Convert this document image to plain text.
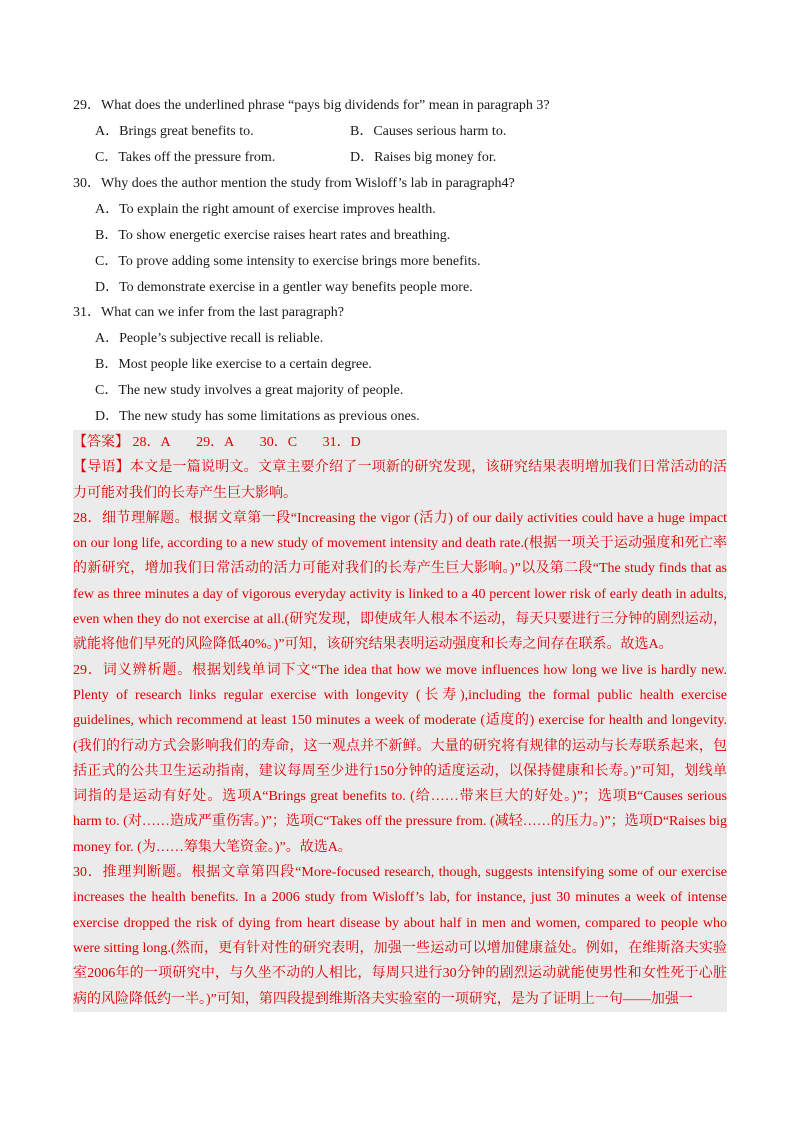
29．What does the underlined phrase “pays big dividends for” mean in paragraph 3?
A．Brings great benefits to.	B．Causes serious harm to.
C．Takes off the pressure from.	D．Raises big money for.
30．Why does the author mention the study from Wisloff’s lab in paragraph4?
A．To explain the right amount of exercise improves health.
B．To show energetic exercise raises heart rates and breathing.
C．To prove adding some intensity to exercise brings more benefits.
D．To demonstrate exercise in a gentler way benefits people more.
31．What can we infer from the last paragraph?
A．People’s subjective recall is reliable.
B．Most people like exercise to a certain degree.
C．The new study involves a great majority of people.
D．The new study has some limitations as previous ones.

【答案】 28．A 29．A 30．C 31．D

【导语】本文是一篇说明文。文章主要介绍了一项新的研究发现，该研究结果表明增加我们日常活动的活力可能对我们的长寿产生巨大影响。

28．细节理解题。根据文章第一段“Increasing the vigor (活力) of our daily activities could have a huge impact on our long life, according to a new study of movement intensity and death rate.(根据一项关于运动强度和死亡率的新研究，增加我们日常活动的活力可能对我们的长寿产生巨大影响。)”以及第二段“The study finds that as few as three minutes a day of vigorous everyday activity is linked to a 40 percent lower risk of early death in adults, even when they do not exercise at all.(研究发现，即使成年人根本不运动，每天只要进行三分钟的剧烈运动，就能将他们早死的风险降低40%。)”可知，该研究结果表明运动强度和长寿之间存在联系。故选A。

29．词义辨析题。根据划线单词下文“The idea that how we move influences how long we live is hardly new. Plenty of research links regular exercise with longevity (长寿),including the formal public health exercise guidelines, which recommend at least 150 minutes a week of moderate (适度的) exercise for health and longevity.(我们的行动方式会影响我们的寿命，这一观点并不新鲜。大量的研究将有规律的运动与长寿联系起来，包括正式的公共卫生运动指南，建议每周至少进行150分钟的适度运动，以保持健康和长寿。)”可知，划线单词指的是运动有好处。选项A“Brings great benefits to. (给……带来巨大的好处。)”；选项B“Causes serious harm to. (对……造成严重伤害。)”；选项C“Takes off the pressure from. (减轻……的压力。)”；选项D“Raises big money for. (为……筹集大笔资金。)”。故选A。

30．推理判断题。根据文章第四段“More-focused research, though, suggests intensifying some of our exercise increases the health benefits. In a 2006 study from Wisloff’s lab, for instance, just 30 minutes a week of intense exercise dropped the risk of dying from heart disease by about half in men and women, compared to people who were sitting long.(然而，更有针对性的研究表明，加强一些运动可以增加健康益处。例如，在维斯洛夫实验室2006年的一项研究中，与久坐不动的人相比，每周只进行30分钟的剧烈运动就能使男性和女性死于心脏病的风险降低约一半。)”可知，第四段提到维斯洛夫实验室的一项研究，是为了证明上一句——加强一
